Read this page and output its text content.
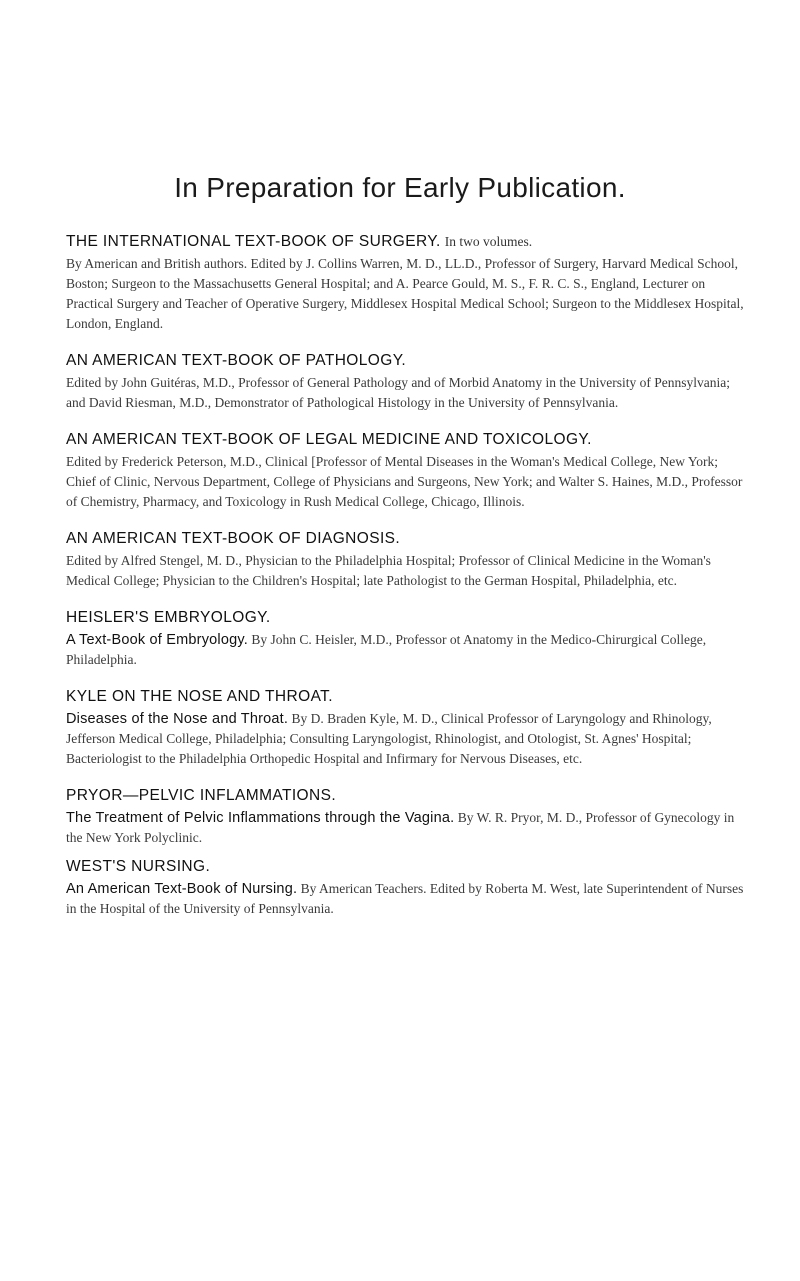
In Preparation for Early Publication.
THE INTERNATIONAL TEXT-BOOK OF SURGERY. In two volumes.

By American and British authors. Edited by J. Collins Warren, M. D., LL.D., Professor of Surgery, Harvard Medical School, Boston; Surgeon to the Massachusetts General Hospital; and A. Pearce Gould, M. S., F. R. C. S., England, Lecturer on Practical Surgery and Teacher of Operative Surgery, Middlesex Hospital Medical School; Surgeon to the Middlesex Hospital, London, England.

AN AMERICAN TEXT-BOOK OF PATHOLOGY.

Edited by John Guitéras, M.D., Professor of General Pathology and of Morbid Anatomy in the University of Pennsylvania; and David Riesman, M.D., Demonstrator of Pathological Histology in the University of Pennsylvania.

AN AMERICAN TEXT-BOOK OF LEGAL MEDICINE AND TOXICOLOGY.

Edited by Frederick Peterson, M.D., Clinical [Professor of Mental Diseases in the Woman's Medical College, New York; Chief of Clinic, Nervous Department, College of Physicians and Surgeons, New York; and Walter S. Haines, M.D., Professor of Chemistry, Pharmacy, and Toxicology in Rush Medical College, Chicago, Illinois.

AN AMERICAN TEXT-BOOK OF DIAGNOSIS.

Edited by Alfred Stengel, M. D., Physician to the Philadelphia Hospital; Professor of Clinical Medicine in the Woman's Medical College; Physician to the Children's Hospital; late Pathologist to the German Hospital, Philadelphia, etc.

HEISLER'S EMBRYOLOGY.

A Text-Book of Embryology. By John C. Heisler, M.D., Professor ot Anatomy in the Medico-Chirurgical College, Philadelphia.

KYLE ON THE NOSE AND THROAT.

Diseases of the Nose and Throat. By D. Braden Kyle, M. D., Clinical Professor of Laryngology and Rhinology, Jefferson Medical College, Philadelphia; Consulting Laryngologist, Rhinologist, and Otologist, St. Agnes' Hospital; Bacteriologist to the Philadelphia Orthopedic Hospital and Infirmary for Nervous Diseases, etc.

PRYOR—PELVIC INFLAMMATIONS.

The Treatment of Pelvic Inflammations through the Vagina. By W. R. Pryor, M. D., Professor of Gynecology in the New York Polyclinic.

WEST'S NURSING.

An American Text-Book of Nursing. By American Teachers. Edited by Roberta M. West, late Superintendent of Nurses in the Hospital of the University of Pennsylvania.
